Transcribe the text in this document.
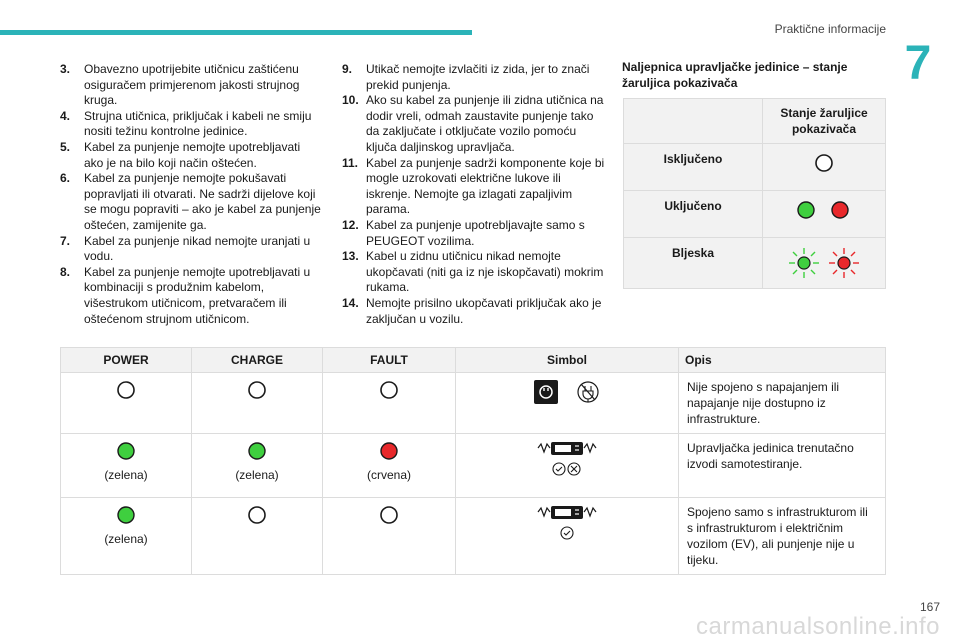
Praktične informacije
7
3. Obavezno upotrijebite utičnicu zaštićenu osiguračem primjerenom jakosti strujnog kruga.
4. Strujna utičnica, priključak i kabeli ne smiju nositi težinu kontrolne jedinice.
5. Kabel za punjenje nemojte upotrebljavati ako je na bilo koji način oštećen.
6. Kabel za punjenje nemojte pokušavati popravljati ili otvarati. Ne sadrži dijelove koji se mogu popraviti – ako je kabel za punjenje oštećen, zamijenite ga.
7. Kabel za punjenje nikad nemojte uranjati u vodu.
8. Kabel za punjenje nemojte upotrebljavati u kombinaciji s produžnim kabelom, višestrukom utičnicom, pretvaračem ili oštećenom strujnom utičnicom.
9. Utikač nemojte izvlačiti iz zida, jer to znači prekid punjenja.
10. Ako su kabel za punjenje ili zidna utičnica na dodir vreli, odmah zaustavite punjenje tako da zaključate i otključate vozilo pomoću ključa daljinskog upravljača.
11. Kabel za punjenje sadrži komponente koje bi mogle uzrokovati električne lukove ili iskrenje. Nemojte ga izlagati zapaljivim parama.
12. Kabel za punjenje upotrebljavajte samo s PEUGEOT vozilima.
13. Kabel u zidnu utičnicu nikad nemojte ukopčavati (niti ga iz nje iskopčavati) mokrim rukama.
14. Nemojte prisilno ukopčavati priključak ako je zaključan u vozilu.
Naljepnica upravljačke jedinice – stanje žaruljica pokazivača
	Stanje žaruljice pokazivača
Isključeno	
Uključeno	
Bljeska	
POWER	CHARGE	FAULT	Simbol	Opis
				Nije spojeno s napajanjem ili napajanje nije dostupno iz infrastrukture.

(zelena)	(zelena)	(crvena)		Upravljačka jedinica trenutačno izvodi samotestiranje.

(zelena)				Spojeno samo s infrastrukturom ili s infrastrukturom i električnim vozilom (EV), ali punjenje nije u tijeku.
167
carmanualsonline.info
